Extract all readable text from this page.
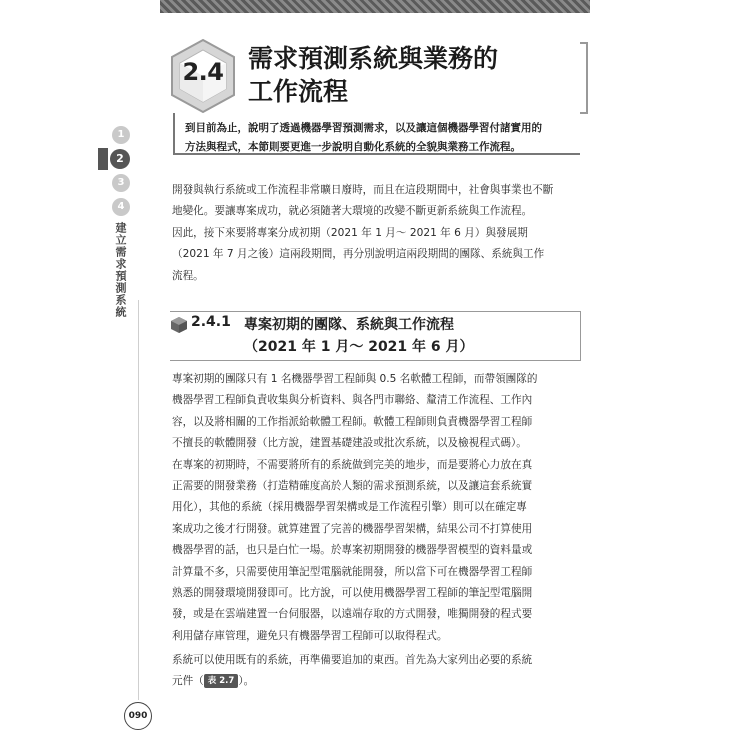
2.4 需求預測系統與業務的
工作流程
到目前為止，說明了透過機器學習預測需求，以及讓這個機器學習付諸實用的
方法與程式，本節則要更進一步說明自動化系統的全貌與業務工作流程。
1
2
3
4
建立需求預測系統
開發與執行系統或工作流程非常曠日廢時，而且在這段期間中，社會與事業也不斷
地變化。要讓專案成功，就必須隨著大環境的改變不斷更新系統與工作流程。
因此，接下來要將專案分成初期（2021 年 1 月～ 2021 年 6 月）與發展期
（2021 年 7 月之後）這兩段期間，再分別說明這兩段期間的團隊、系統與工作
流程。
2.4.1 專案初期的團隊、系統與工作流程
（2021 年 1 月～ 2021 年 6 月）
專案初期的團隊只有 1 名機器學習工程師與 0.5 名軟體工程師，而帶領團隊的
機器學習工程師負責收集與分析資料、與各門市聯絡、釐清工作流程、工作內
容，以及將相關的工作指派給軟體工程師。軟體工程師則負責機器學習工程師
不擅長的軟體開發（比方說，建置基礎建設或批次系統，以及檢視程式碼）。
在專案的初期時，不需要將所有的系統做到完美的地步，而是要將心力放在真
正需要的開發業務（打造精確度高於人類的需求預測系統，以及讓這套系統實
用化），其他的系統（採用機器學習架構或是工作流程引擎）則可以在確定專
案成功之後才行開發。就算建置了完善的機器學習架構，結果公司不打算使用
機器學習的話，也只是白忙一場。於專案初期開發的機器學習模型的資料量或
計算量不多，只需要使用筆記型電腦就能開發，所以當下可在機器學習工程師
熟悉的開發環境開發即可。比方說，可以使用機器學習工程師的筆記型電腦開
發，或是在雲端建置一台伺服器，以遠端存取的方式開發，唯獨開發的程式要
利用儲存庫管理，避免只有機器學習工程師可以取得程式。
系統可以使用既有的系統，再準備要追加的東西。首先為大家列出必要的系統
元件（ 表 2.7 ）。
090
